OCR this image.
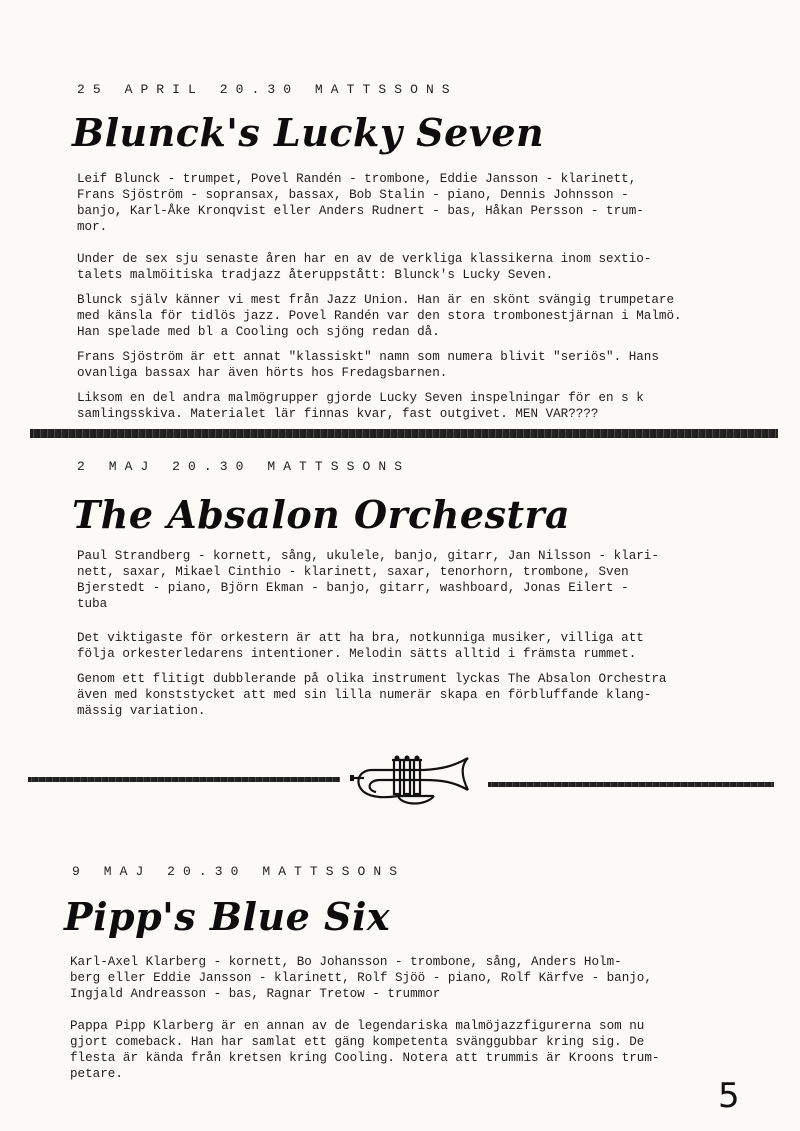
25 APRIL 20.30 MATTSSONS
Blunck's Lucky Seven
Leif Blunck - trumpet, Povel Randén - trombone, Eddie Jansson - klarinett,
Frans Sjöström - sopransax, bassax, Bob Stalin - piano, Dennis Johnsson -
banjo, Karl-Åke Kronqvist eller Anders Rudnert - bas, Håkan Persson - trum-
mor.
Under de sex sju senaste åren har en av de verkliga klassikerna inom sextio-
talets malmöitiska tradjazz återuppstått: Blunck's Lucky Seven.
Blunck själv känner vi mest från Jazz Union. Han är en skönt svängig trumpetare
med känsla för tidlös jazz. Povel Randén var den stora trombonestjärnan i Malmö.
Han spelade med bl a Cooling och sjöng redan då.
Frans Sjöström är ett annat "klassiskt" namn som numera blivit "seriös". Hans
ovanliga bassax har även hörts hos Fredagsbarnen.
Liksom en del andra malmögrupper gjorde Lucky Seven inspelningar för en s k
samlingsskiva. Materialet lär finnas kvar, fast outgivet. MEN VAR????
2 MAJ 20.30 MATTSSONS
The Absalon Orchestra
Paul Strandberg - kornett, sång, ukulele, banjo, gitarr, Jan Nilsson - klari-
nett, saxar, Mikael Cinthio - klarinett, saxar, tenorhorn, trombone, Sven
Bjerstedt - piano, Björn Ekman - banjo, gitarr, washboard, Jonas Eilert -
tuba
Det viktigaste för orkestern är att ha bra, notkunniga musiker, villiga att
följa orkesterledarens intentioner. Melodin sätts alltid i främsta rummet.
Genom ett flitigt dubblerande på olika instrument lyckas The Absalon Orchestra
även med konststycket att med sin lilla numerär skapa en förbluffande klang-
mässig variation.
9 MAJ 20.30 MATTSSONS
Pipp's Blue Six
Karl-Axel Klarberg - kornett, Bo Johansson - trombone, sång, Anders Holm-
berg eller Eddie Jansson - klarinett, Rolf Sjöö - piano, Rolf Kärfve - banjo,
Ingjald Andreasson - bas, Ragnar Tretow - trummor
Pappa Pipp Klarberg är en annan av de legendariska malmöjazzfigurerna som nu
gjort comeback. Han har samlat ett gäng kompetenta svänggubbar kring sig. De
flesta är kända från kretsen kring Cooling. Notera att trummis är Kroons trum-
petare.
5
